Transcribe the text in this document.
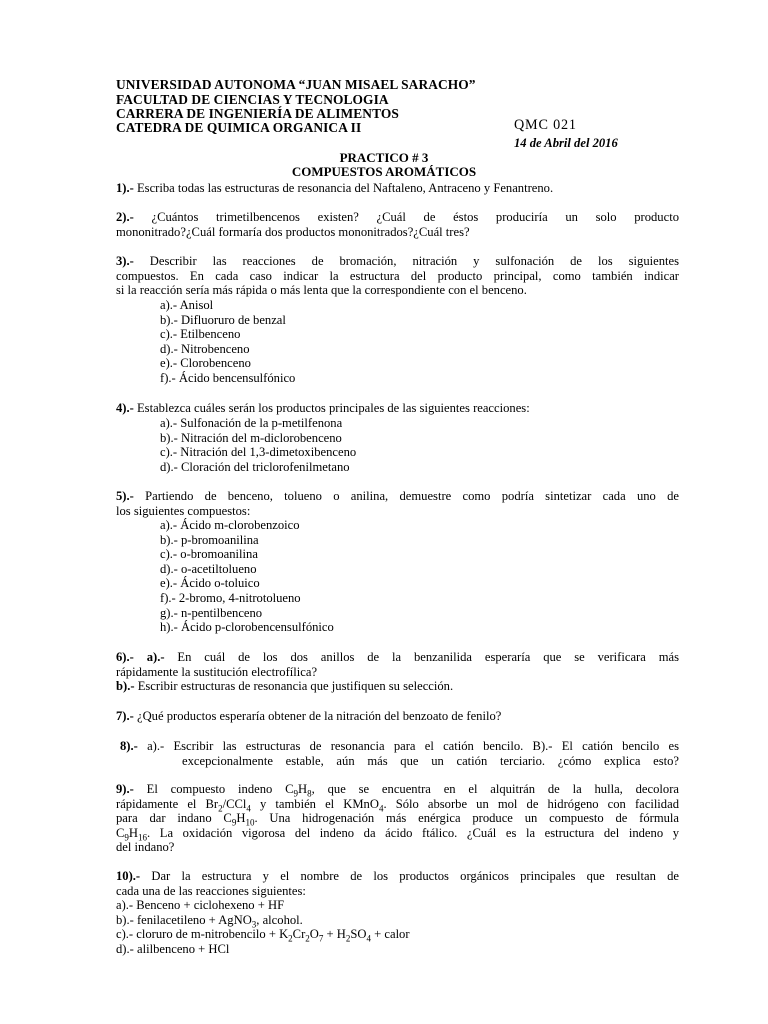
UNIVERSIDAD AUTONOMA “JUAN MISAEL SARACHO”
FACULTAD DE CIENCIAS Y TECNOLOGIA
CARRERA DE INGENIERÍA DE ALIMENTOS
CATEDRA DE QUIMICA ORGANICA II	QMC 021
14 de Abril del 2016
PRACTICO # 3
COMPUESTOS AROMÁTICOS
1).- Escriba todas las estructuras de resonancia del Naftaleno, Antraceno y Fenantreno.
2).- ¿Cuántos trimetilbencenos existen? ¿Cuál de éstos produciría un solo producto
mononitrado?¿Cuál formaría dos productos mononitrados?¿Cuál tres?
3).- Describir las reacciones de bromación, nitración y sulfonación de los siguientes
compuestos. En cada caso indicar la estructura del producto principal, como también indicar
si la reacción sería más rápida o más lenta que la correspondiente con el benceno.
a).- Anisol
b).- Difluoruro de benzal
c).- Etilbenceno
d).- Nitrobenceno
e).- Clorobenceno
f).- Ácido bencensulfónico
4).- Establezca cuáles serán los productos principales de las siguientes reacciones:
a).- Sulfonación de la p-metilfenona
b).- Nitración del m-diclorobenceno
c).- Nitración del 1,3-dimetoxibenceno
d).- Cloración del triclorofenilmetano
5).- Partiendo de benceno, tolueno o anilina, demuestre como podría sintetizar cada uno de
los siguientes compuestos:
a).- Ácido m-clorobenzoico
b).- p-bromoanilina
c).- o-bromoanilina
d).- o-acetiltolueno
e).- Ácido o-toluico
f).- 2-bromo, 4-nitrotolueno
g).- n-pentilbenceno
h).- Ácido p-clorobencensulfónico
6).- a).- En cuál de los dos anillos de la benzanilida esperaría que se verificara más
rápidamente la sustitución electrofílica?
b).- Escribir estructuras de resonancia que justifiquen su selección.
7).- ¿Qué productos esperaría obtener de la nitración del benzoato de fenilo?
8).- a).- Escribir las estructuras de resonancia para el catión bencilo. B).- El catión bencilo es
excepcionalmente estable, aún más que un catión terciario. ¿cómo explica esto?
9).- El compuesto indeno $C_9H_8$, que se encuentra en el alquitrán de la hulla, decolora
rápidamente el $Br_2/CCl_4$ y también el KMnO$_4$. Sólo absorbe un mol de hidrógeno con facilidad
para dar indano $C_9H_{10}$. Una hidrogenación más enérgica produce un compuesto de fórmula
$C_9H_{16}$. La oxidación vigorosa del indeno da ácido ftálico. ¿Cuál es la estructura del indeno y
del indano?
10).- Dar la estructura y el nombre de los productos orgánicos principales que resultan de
cada una de las reacciones siguientes:
a).- Benceno + ciclohexeno + HF
b).- fenilacetileno + AgNO$_3$, alcohol.
c).- cloruro de m-nitrobencilo + $K_2Cr_2O_7 + H_2SO_4$ + calor
d).- alilbenceno + HCl
